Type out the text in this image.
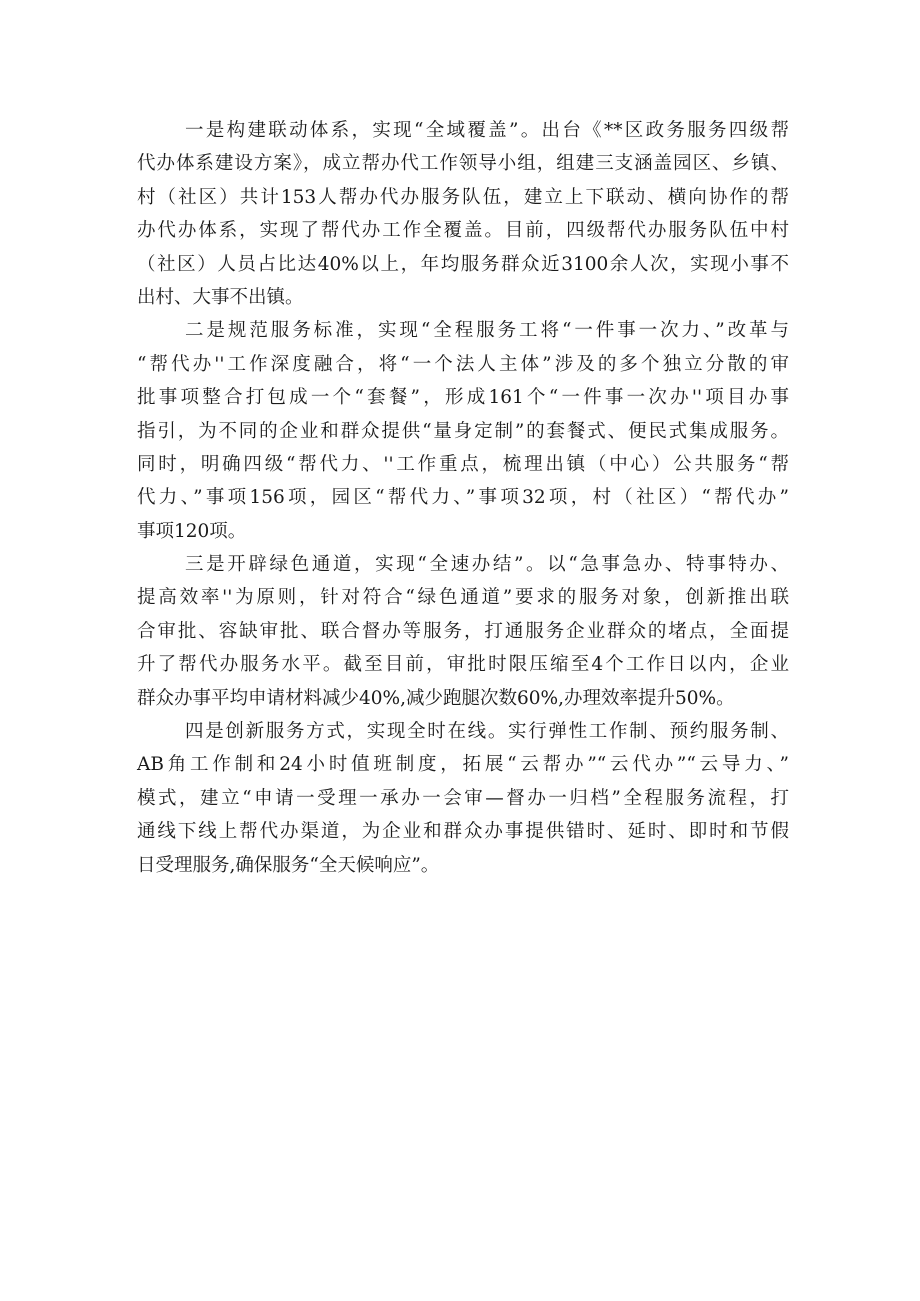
一是构建联动体系，实现“全域覆盖”。出台《**区政务服务四级帮
代办体系建设方案》，成立帮办代工作领导小组，组建三支涵盖园区、乡镇、
村（社区）共计153人帮办代办服务队伍，建立上下联动、横向协作的帮
办代办体系，实现了帮代办工作全覆盖。目前，四级帮代办服务队伍中村
（社区）人员占比达40%以上，年均服务群众近3100余人次，实现小事不
出村、大事不出镇。
二是规范服务标准，实现“全程服务工将“一件事一次力、”改革与
“帮代办''工作深度融合，将“一个法人主体”涉及的多个独立分散的审
批事项整合打包成一个“套餐”，形成161个“一件事一次办''项目办事
指引，为不同的企业和群众提供“量身定制”的套餐式、便民式集成服务。
同时，明确四级“帮代力、''工作重点，梳理出镇（中心）公共服务“帮
代力、”事项156项，园区“帮代力、”事项32项，村（社区）“帮代办”
事项120项。
三是开辟绿色通道，实现“全速办结”。以“急事急办、特事特办、
提高效率''为原则，针对符合“绿色通道”要求的服务对象，创新推出联
合审批、容缺审批、联合督办等服务，打通服务企业群众的堵点，全面提
升了帮代办服务水平。截至目前，审批时限压缩至4个工作日以内，企业
群众办事平均申请材料减少40%,减少跑腿次数60%,办理效率提升50%。
四是创新服务方式，实现全时在线。实行弹性工作制、预约服务制、
AB角工作制和24小时值班制度，拓展“云帮办”“云代办”“云导力、”
模式，建立“申请一受理一承办一会审—督办一归档”全程服务流程，打
通线下线上帮代办渠道，为企业和群众办事提供错时、延时、即时和节假
日受理服务,确保服务“全天候响应”。
